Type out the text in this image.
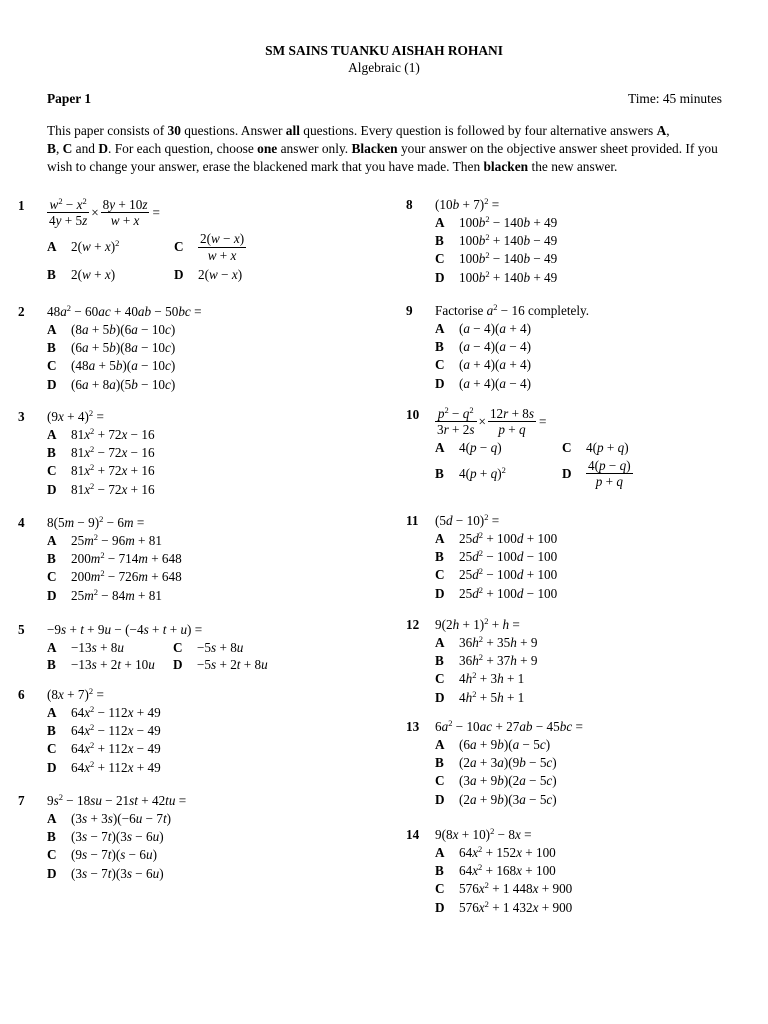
SM SAINS TUANKU AISHAH ROHANI
Algebraic (1)
Paper 1	Time: 45 minutes
This paper consists of 30 questions. Answer all questions. Every question is followed by four alternative answers A,
B, C and D. For each question, choose one answer only. Blacken your answer on the objective answer sheet provided. If you wish to change your answer, erase the blackened mark that you have made. Then blacken the new answer.
1	$\frac{w^2 - x^2}{4y + 5z} \times \frac{8y + 10z}{w + x}$ =
A	$2(w + x)^2$	C	$\frac{2(w - x)}{w + x}$
B	2(w + x)	D	2(w − x)
2	$48a^2 - 60ac + 40ab - 50bc$ =
A	(8a + 5b)(6a − 10c)
B	(6a + 5b)(8a − 10c)
C	(48a + 5b)(a − 10c)
D	(6a + 8a)(5b − 10c)
3	$(9x + 4)^2$ =
A	$81x^2 + 72x - 16$
B	$81x^2 - 72x - 16$
C	$81x^2 + 72x + 16$
D	$81x^2 - 72x + 16$
4	$8(5m - 9)^2 - 6m$ =
A	$25m^2 - 96m + 81$
B	$200m^2 - 714m + 648$
C	$200m^2 - 726m + 648$
D	$25m^2 - 84m + 81$
5	−9s + t + 9u − (−4s + t + u) =
A	−13s + 8u	C	−5s + 8u
B	−13s + 2t + 10u D	−5s + 2t + 8u
6	$(8x + 7)^2$ =
A	$64x^2 - 112x + 49$
B	$64x^2 - 112x - 49$
C	$64x^2 + 112x - 49$
D	$64x^2 + 112x + 49$
7	$9s^2 - 18su - 21st + 42tu$ =
A	(3s + 3s)(−6u − 7t)
B	(3s − 7t)(3s − 6u)
C	(9s − 7t)(s − 6u)
D	(3s − 7t)(3s − 6u)
8	$(10b + 7)^2$ =
A	$100b^2 - 140b + 49$
B	$100b^2 + 140b - 49$
C	$100b^2 - 140b - 49$
D	$100b^2 + 140b + 49$
9	Factorise $a^2 - 16$ completely.
A	(a − 4)(a + 4)
B	(a − 4)(a − 4)
C	(a + 4)(a + 4)
D	(a + 4)(a − 4)
10	$\frac{p^2 - q^2}{3r + 2s} \times \frac{12r + 8s}{p + q}$ =
A	4(p − q)	C	4(p + q)
B	$4(p + q)^2$	D	$\frac{4(p - q)}{p + q}$
11	$(5d - 10)^2$ =
A	$25d^2 + 100d + 100$
B	$25d^2 - 100d - 100$
C	$25d^2 - 100d + 100$
D	$25d^2 + 100d - 100$
12	$9(2h + 1)^2 + h$ =
A	$36h^2 + 35h + 9$
B	$36h^2 + 37h + 9$
C	$4h^2 + 3h + 1$
D	$4h^2 + 5h + 1$
13	$6a^2 - 10ac + 27ab - 45bc$ =
A	(6a + 9b)(a − 5c)
B	(2a + 3a)(9b − 5c)
C	(3a + 9b)(2a − 5c)
D	(2a + 9b)(3a − 5c)
14	$9(8x + 10)^2 - 8x$ =
A	$64x^2 + 152x + 100$
B	$64x^2 + 168x + 100$
C	$576x^2 + 1$ 448x + 900
D	$576x^2 + 1$ 432x + 900
